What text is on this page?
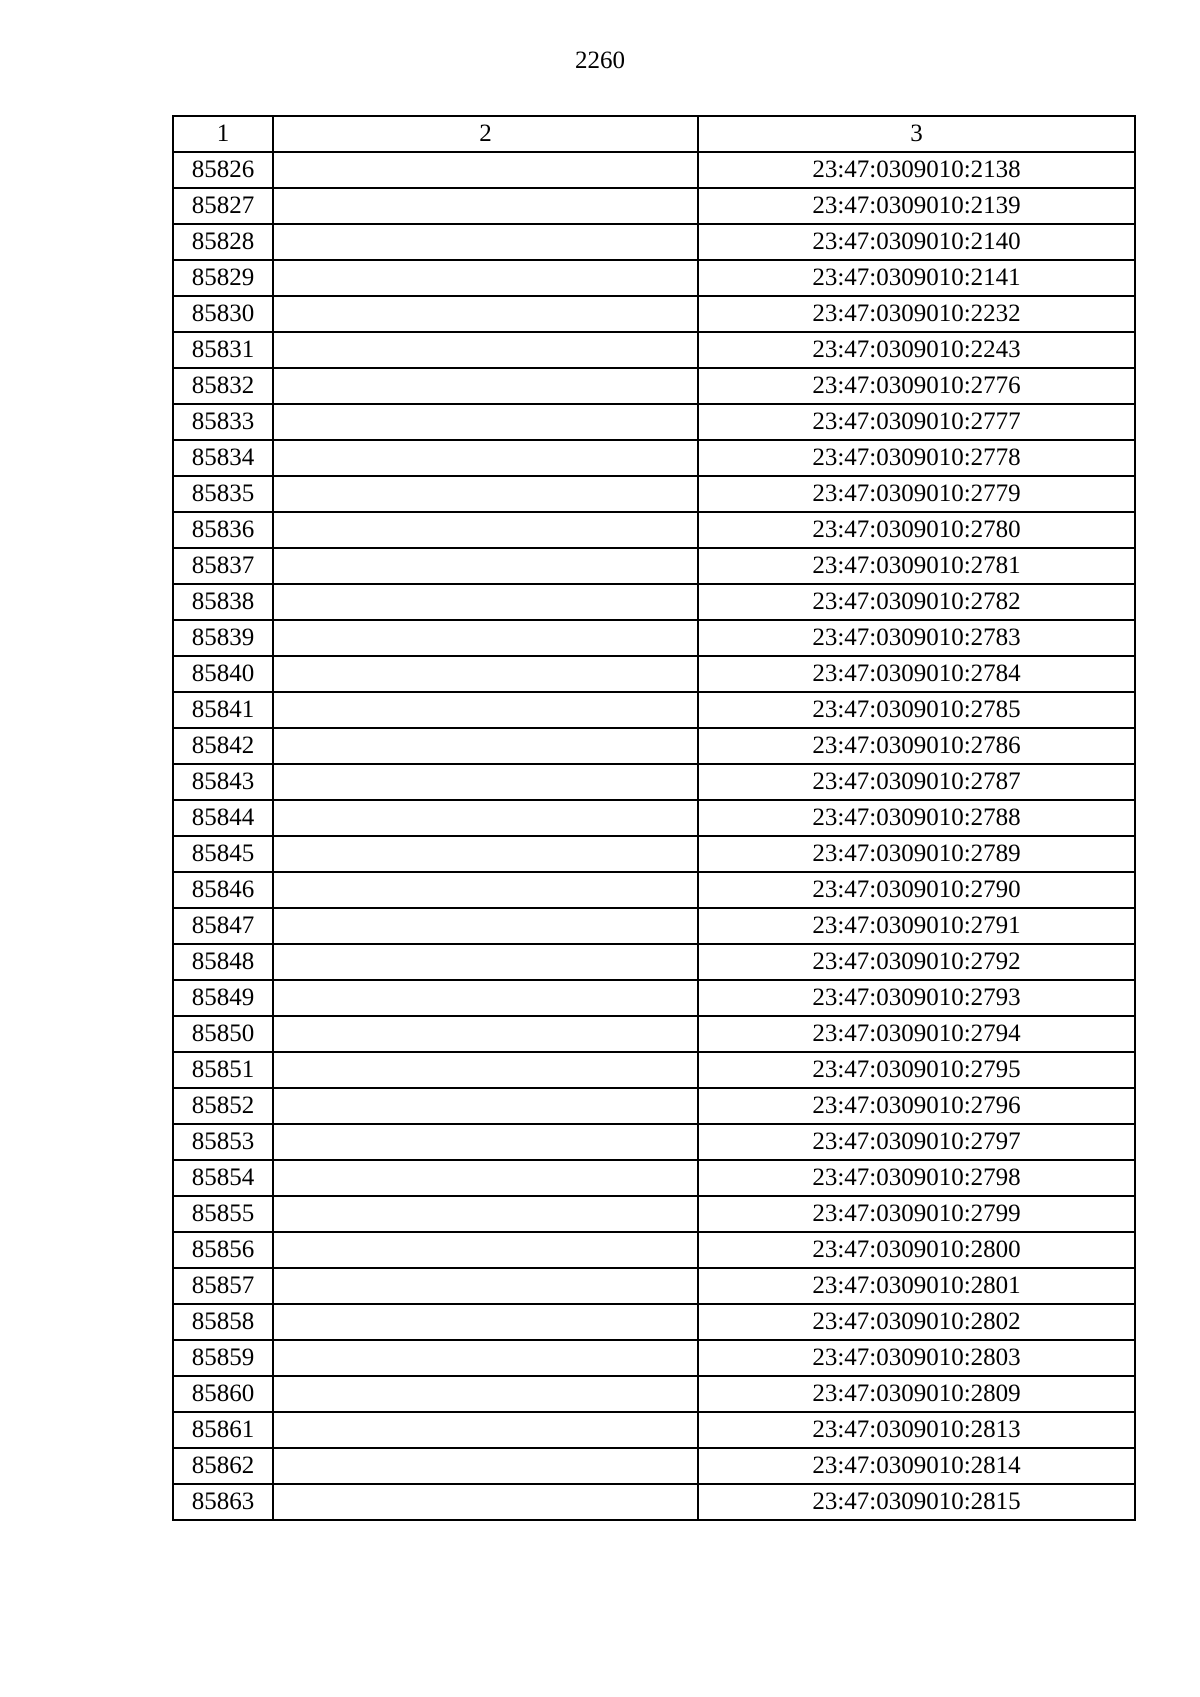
2260
1	2	3
85826		23:47:0309010:2138
85827		23:47:0309010:2139
85828		23:47:0309010:2140
85829		23:47:0309010:2141
85830		23:47:0309010:2232
85831		23:47:0309010:2243
85832		23:47:0309010:2776
85833		23:47:0309010:2777
85834		23:47:0309010:2778
85835		23:47:0309010:2779
85836		23:47:0309010:2780
85837		23:47:0309010:2781
85838		23:47:0309010:2782
85839		23:47:0309010:2783
85840		23:47:0309010:2784
85841		23:47:0309010:2785
85842		23:47:0309010:2786
85843		23:47:0309010:2787
85844		23:47:0309010:2788
85845		23:47:0309010:2789
85846		23:47:0309010:2790
85847		23:47:0309010:2791
85848		23:47:0309010:2792
85849		23:47:0309010:2793
85850		23:47:0309010:2794
85851		23:47:0309010:2795
85852		23:47:0309010:2796
85853		23:47:0309010:2797
85854		23:47:0309010:2798
85855		23:47:0309010:2799
85856		23:47:0309010:2800
85857		23:47:0309010:2801
85858		23:47:0309010:2802
85859		23:47:0309010:2803
85860		23:47:0309010:2809
85861		23:47:0309010:2813
85862		23:47:0309010:2814
85863		23:47:0309010:2815
